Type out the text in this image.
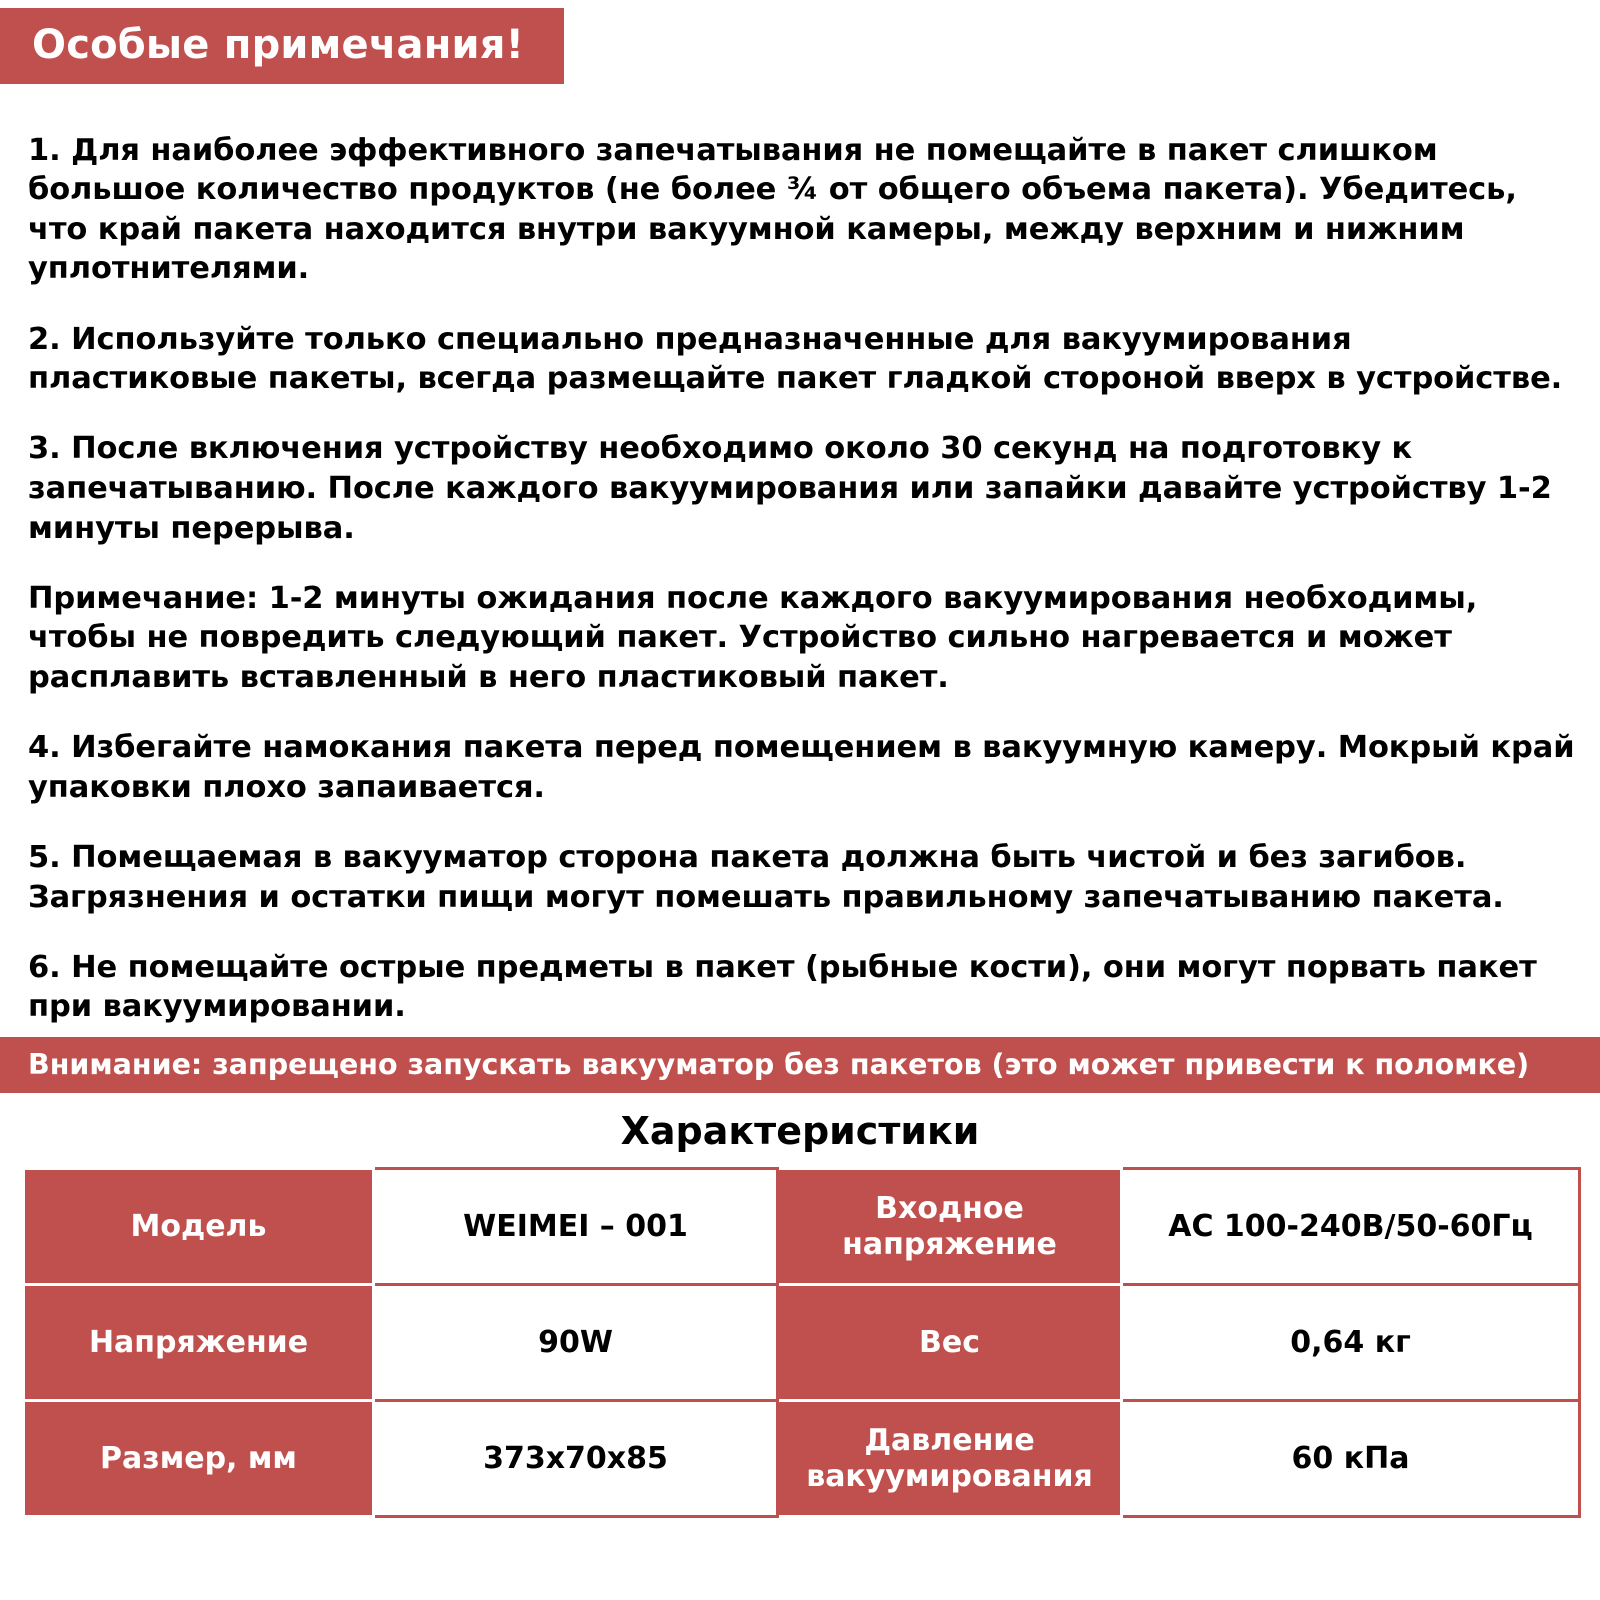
Особые примечания!

1. Для наиболее эффективного запечатывания не помещайте в пакет слишком большое количество продуктов (не более ¾ от общего объема пакета). Убедитесь, что край пакета находится внутри вакуумной камеры, между верхним и нижним уплотнителями.

2. Используйте только специально предназначенные для вакуумирования пластиковые пакеты, всегда размещайте пакет гладкой стороной вверх в устройстве.

3. После включения устройству необходимо около 30 секунд на подготовку к запечатыванию. После каждого вакуумирования или запайки давайте устройству 1-2 минуты перерыва.

Примечание: 1-2 минуты ожидания после каждого вакуумирования необходимы, чтобы не повредить следующий пакет. Устройство сильно нагревается и может расплавить вставленный в него пластиковый пакет.

4. Избегайте намокания пакета перед помещением в вакуумную камеру. Мокрый край упаковки плохо запаивается.

5. Помещаемая в вакууматор сторона пакета должна быть чистой и без загибов. Загрязнения и остатки пищи могут помешать правильному запечатыванию пакета.

6. Не помещайте острые предметы в пакет (рыбные кости), они могут порвать пакет при вакуумировании.

Внимание: запрещено запускать вакууматор без пакетов (это может привести к поломке)
Характеристики
Модель	WEIMEI – 001	Входное напряжение	AC 100-240В/50-60Гц
Напряжение	90W	Вес	0,64 кг
Размер, мм	373х70х85	Давление вакуумирования	60 кПа
